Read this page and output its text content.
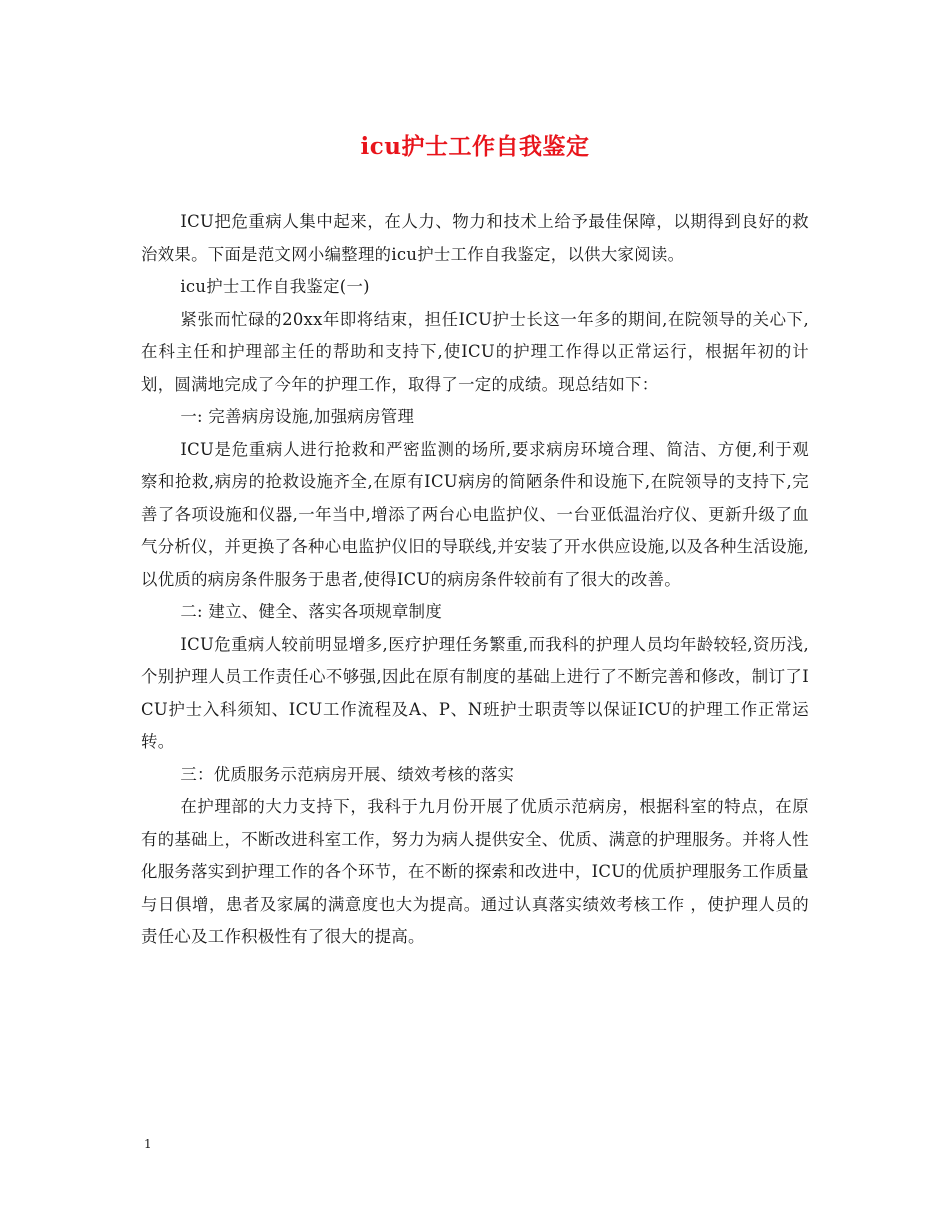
icu护士工作自我鉴定

ICU把危重病人集中起来，在人力、物力和技术上给予最佳保障，以期得到良好的救治效果。下面是范文网小编整理的icu护士工作自我鉴定，以供大家阅读。

icu护士工作自我鉴定(一)

紧张而忙碌的20xx年即将结束，担任ICU护士长这一年多的期间,在院领导的关心下,在科主任和护理部主任的帮助和支持下,使ICU的护理工作得以正常运行，根据年初的计划，圆满地完成了今年的护理工作，取得了一定的成绩。现总结如下：

一: 完善病房设施,加强病房管理

ICU是危重病人进行抢救和严密监测的场所,要求病房环境合理、简洁、方便,利于观察和抢救,病房的抢救设施齐全,在原有ICU病房的简陋条件和设施下,在院领导的支持下,完善了各项设施和仪器,一年当中,增添了两台心电监护仪、一台亚低温治疗仪、更新升级了血气分析仪，并更换了各种心电监护仪旧的导联线,并安装了开水供应设施,以及各种生活设施,以优质的病房条件服务于患者,使得ICU的病房条件较前有了很大的改善。

二: 建立、健全、落实各项规章制度

ICU危重病人较前明显增多,医疗护理任务繁重,而我科的护理人员均年龄较轻,资历浅,个别护理人员工作责任心不够强,因此在原有制度的基础上进行了不断完善和修改，制订了ICU护士入科须知、ICU工作流程及A、P、N班护士职责等以保证ICU的护理工作正常运转。

三：优质服务示范病房开展、绩效考核的落实

在护理部的大力支持下，我科于九月份开展了优质示范病房，根据科室的特点，在原有的基础上，不断改进科室工作，努力为病人提供安全、优质、满意的护理服务。并将人性化服务落实到护理工作的各个环节，在不断的探索和改进中，ICU的优质护理服务工作质量与日俱增，患者及家属的满意度也大为提高。通过认真落实绩效考核工作 ，使护理人员的责任心及工作积极性有了很大的提高。

1
